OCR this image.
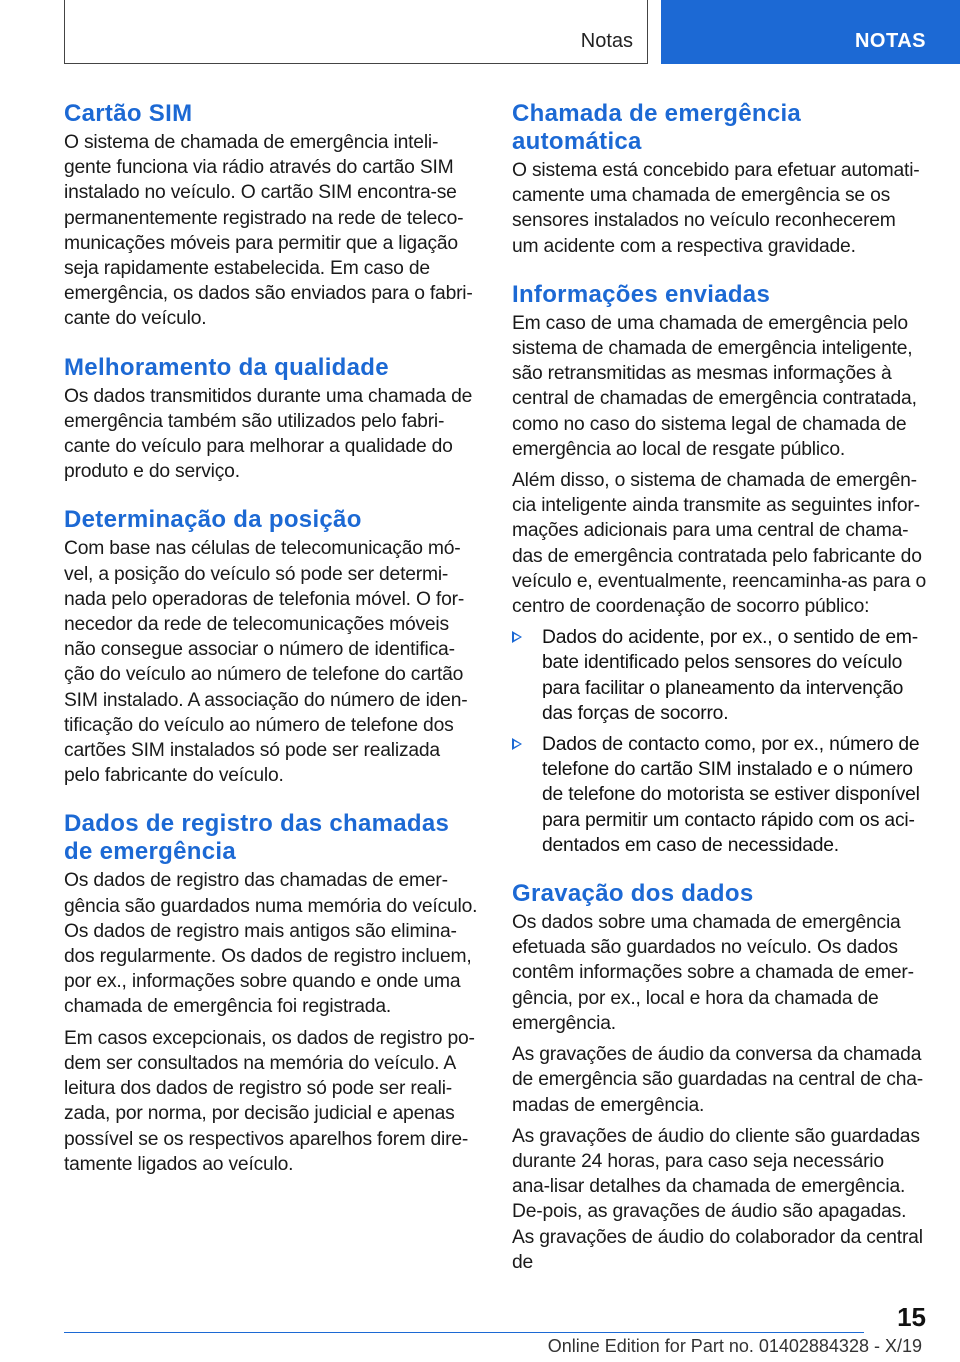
Notas	NOTAS
Cartão SIM

O sistema de chamada de emergência inteli-gente funciona via rádio através do cartão SIM instalado no veículo. O cartão SIM encontra-se permanentemente registrado na rede de teleco-municações móveis para permitir que a ligação seja rapidamente estabelecida. Em caso de emergência, os dados são enviados para o fabri-cante do veículo.

Melhoramento da qualidade

Os dados transmitidos durante uma chamada de emergência também são utilizados pelo fabri-cante do veículo para melhorar a qualidade do produto e do serviço.

Determinação da posição

Com base nas células de telecomunicação mó-vel, a posição do veículo só pode ser determi-nada pelo operadoras de telefonia móvel. O for-necedor da rede de telecomunicações móveis não consegue associar o número de identifica-ção do veículo ao número de telefone do cartão SIM instalado. A associação do número de iden-tificação do veículo ao número de telefone dos cartões SIM instalados só pode ser realizada pelo fabricante do veículo.

Dados de registro das chamadas de emergência

Os dados de registro das chamadas de emer-gência são guardados numa memória do veículo. Os dados de registro mais antigos são elimina-dos regularmente. Os dados de registro incluem, por ex., informações sobre quando e onde uma chamada de emergência foi registrada.

Em casos excepcionais, os dados de registro po-dem ser consultados na memória do veículo. A leitura dos dados de registro só pode ser reali-zada, por norma, por decisão judicial e apenas possível se os respectivos aparelhos forem dire-tamente ligados ao veículo.

Chamada de emergência automática

O sistema está concebido para efetuar automati-camente uma chamada de emergência se os sensores instalados no veículo reconhecerem um acidente com a respectiva gravidade.

Informações enviadas

Em caso de uma chamada de emergência pelo sistema de chamada de emergência inteligente, são retransmitidas as mesmas informações à central de chamadas de emergência contratada, como no caso do sistema legal de chamada de emergência ao local de resgate público.

Além disso, o sistema de chamada de emergên-cia inteligente ainda transmite as seguintes infor-mações adicionais para uma central de chama-das de emergência contratada pelo fabricante do veículo e, eventualmente, reencaminha-as para o centro de coordenação de socorro público:

Dados do acidente, por ex., o sentido de em-bate identificado pelos sensores do veículo para facilitar o planeamento da intervenção das forças de socorro.
Dados de contacto como, por ex., número de telefone do cartão SIM instalado e o número de telefone do motorista se estiver disponível para permitir um contacto rápido com os aci-dentados em caso de necessidade.
Gravação dos dados

Os dados sobre uma chamada de emergência efetuada são guardados no veículo. Os dados contêm informações sobre a chamada de emer-gência, por ex., local e hora da chamada de emergência.

As gravações de áudio da conversa da chamada de emergência são guardadas na central de cha-madas de emergência.

As gravações de áudio do cliente são guardadas durante 24 horas, para caso seja necessário ana-lisar detalhes da chamada de emergência. De-pois, as gravações de áudio são apagadas. As gravações de áudio do colaborador da central de

15
Online Edition for Part no. 01402884328 - X/19
